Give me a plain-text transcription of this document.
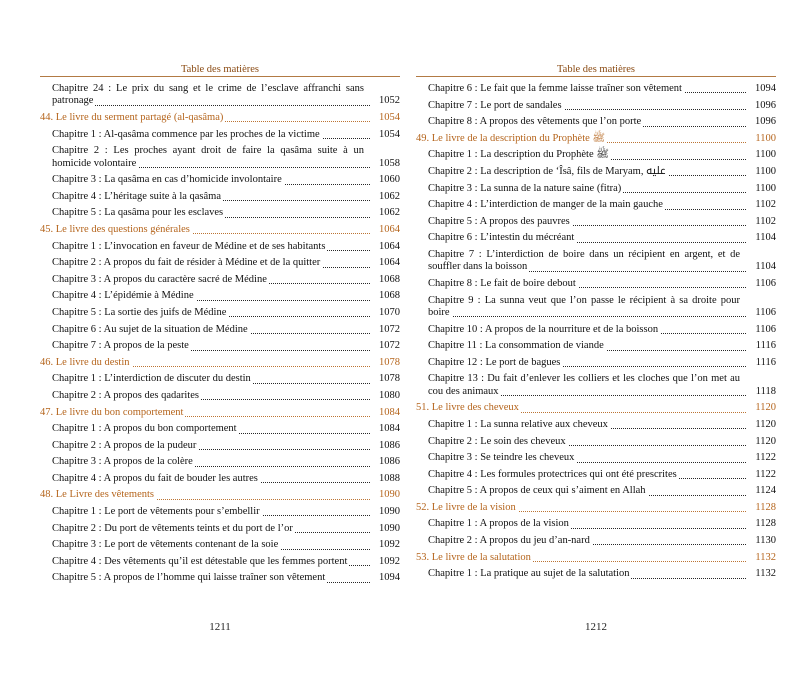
Table des matières
Chapitre 24 : Le prix du sang et le crime de l’esclave affranchi sans patronage	1052
44. Le livre du serment partagé (al-qasâma)	1054
Chapitre 1 : Al-qasâma commence par les proches de la victime	1054
Chapitre 2 : Les proches ayant droit de faire la qasâma suite à un homicide volontaire	1058
Chapitre 3 : La qasâma en cas d’homicide involontaire	1060
Chapitre 4 : L’héritage suite à la qasâma	1062
Chapitre 5 : La qasâma pour les esclaves	1062
45. Le livre des questions générales	1064
Chapitre 1 : L’invocation en faveur de Médine et de ses habitants	1064
Chapitre 2 : A propos du fait de résider à Médine et de la quitter	1064
Chapitre 3 : A propos du caractère sacré de Médine	1068
Chapitre 4 : L’épidémie à Médine	1068
Chapitre 5 : La sortie des juifs de Médine	1070
Chapitre 6 : Au sujet de la situation de Médine	1072
Chapitre 7 : A propos de la peste	1072
46. Le livre du destin	1078
Chapitre 1 : L’interdiction de discuter du destin	1078
Chapitre 2 : A propos des qadarites	1080
47. Le livre du bon comportement	1084
Chapitre 1 : A propos du bon comportement	1084
Chapitre 2 : A propos de la pudeur	1086
Chapitre 3 : A propos de la colère	1086
Chapitre 4 : A propos du fait de bouder les autres	1088
48. Le Livre des vêtements	1090
Chapitre 1 : Le port de vêtements pour s’embellir	1090
Chapitre 2 : Du port de vêtements teints et du port de l’or	1090
Chapitre 3 : Le port de vêtements contenant de la soie	1092
Chapitre 4 : Des vêtements qu’il est détestable que les femmes portent	1092
Chapitre 5 : A propos de l’homme qui laisse traîner son vêtement	1094
1211
Table des matières
Chapitre 6 : Le fait que la femme laisse traîner son vêtement	1094
Chapitre 7 : Le port de sandales	1096
Chapitre 8 : A propos des vêtements que l’on porte	1096
49. Le livre de la description du Prophète ﷺ	1100
Chapitre 1 : La description du Prophète ﷺ	1100
Chapitre 2 : La description de ‘Îsâ, fils de Maryam, ﷷ	1100
Chapitre 3 : La sunna de la nature saine (fitra)	1100
Chapitre 4 : L’interdiction de manger de la main gauche	1102
Chapitre 5 : A propos des pauvres	1102
Chapitre 6 : L’intestin du mécréant	1104
Chapitre 7 : L’interdiction de boire dans un récipient en argent, et de souffler dans la boisson	1104
Chapitre 8 : Le fait de boire debout	1106
Chapitre 9 : La sunna veut que l’on passe le récipient à sa droite pour boire	1106
Chapitre 10 : A propos de la nourriture et de la boisson	1106
Chapitre 11 : La consommation de viande	1116
Chapitre 12 : Le port de bagues	1116
Chapitre 13 : Du fait d’enlever les colliers et les cloches que l’on met au cou des animaux	1118
51. Le livre des cheveux	1120
Chapitre 1 : La sunna relative aux cheveux	1120
Chapitre 2 : Le soin des cheveux	1120
Chapitre 3 : Se teindre les cheveux	1122
Chapitre 4 : Les formules protectrices qui ont été prescrites	1122
Chapitre 5 : A propos de ceux qui s’aiment en Allah	1124
52. Le livre de la vision	1128
Chapitre 1 : A propos de la vision	1128
Chapitre 2 : A propos du jeu d’an-nard	1130
53. Le livre de la salutation	1132
Chapitre 1 : La pratique au sujet de la salutation	1132
1212
